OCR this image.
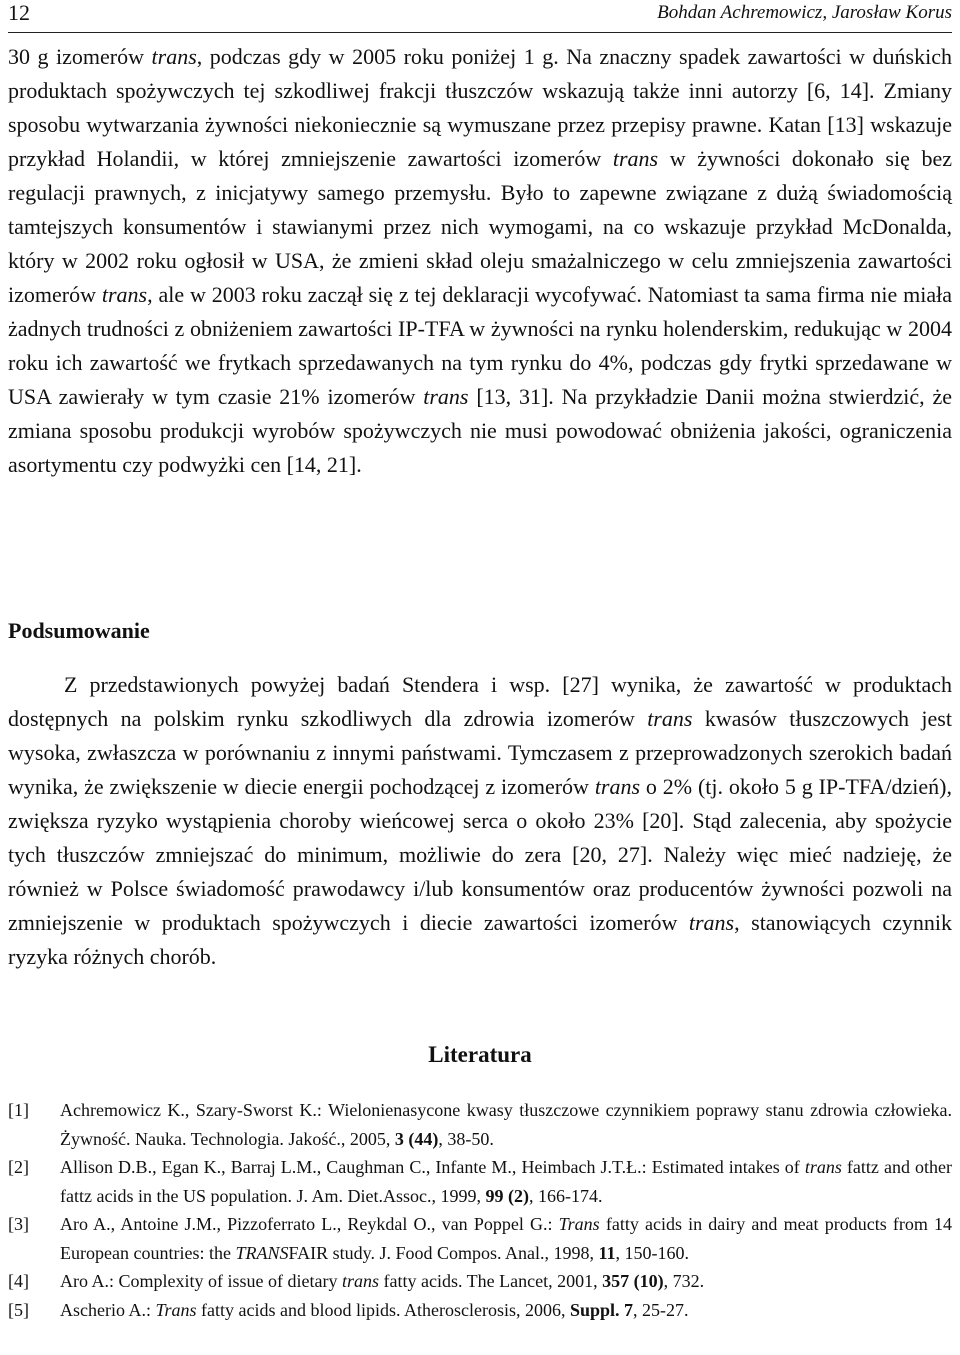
12	Bohdan Achremowicz, Jarosław Korus

30 g izomerów trans, podczas gdy w 2005 roku poniżej 1 g. Na znaczny spadek zawartości w duńskich produktach spożywczych tej szkodliwej frakcji tłuszczów wskazują także inni autorzy [6, 14]. Zmiany sposobu wytwarzania żywności niekoniecznie są wymuszane przez przepisy prawne. Katan [13] wskazuje przykład Holandii, w której zmniejszenie zawartości izomerów trans w żywności dokonało się bez regulacji prawnych, z inicjatywy samego przemysłu. Było to zapewne związane z dużą świadomością tamtejszych konsumentów i stawianymi przez nich wymogami, na co wskazuje przykład McDonalda, który w 2002 roku ogłosił w USA, że zmieni skład oleju smażalniczego w celu zmniejszenia zawartości izomerów trans, ale w 2003 roku zaczął się z tej deklaracji wycofywać. Natomiast ta sama firma nie miała żadnych trudności z obniżeniem zawartości IP-TFA w żywności na rynku holenderskim, redukując w 2004 roku ich zawartość we frytkach sprzedawanych na tym rynku do 4%, podczas gdy frytki sprzedawane w USA zawierały w tym czasie 21% izomerów trans [13, 31]. Na przykładzie Danii można stwierdzić, że zmiana sposobu produkcji wyrobów spożywczych nie musi powodować obniżenia jakości, ograniczenia asortymentu czy podwyżki cen [14, 21].

Podsumowanie

Z przedstawionych powyżej badań Stendera i wsp. [27] wynika, że zawartość w produktach dostępnych na polskim rynku szkodliwych dla zdrowia izomerów trans kwasów tłuszczowych jest wysoka, zwłaszcza w porównaniu z innymi państwami. Tymczasem z przeprowadzonych szerokich badań wynika, że zwiększenie w diecie energii pochodzącej z izomerów trans o 2% (tj. około 5 g IP-TFA/dzień), zwiększa ryzyko wystąpienia choroby wieńcowej serca o około 23% [20]. Stąd zalecenia, aby spożycie tych tłuszczów zmniejszać do minimum, możliwie do zera [20, 27]. Należy więc mieć nadzieję, że również w Polsce świadomość prawodawcy i/lub konsumentów oraz producentów żywności pozwoli na zmniejszenie w produktach spożywczych i diecie zawartości izomerów trans, stanowiących czynnik ryzyka różnych chorób.

Literatura
[1] Achremowicz K., Szary-Sworst K.: Wielonienasycone kwasy tłuszczowe czynnikiem poprawy stanu zdrowia człowieka. Żywność. Nauka. Technologia. Jakość., 2005, 3 (44), 38-50.
[2] Allison D.B., Egan K., Barraj L.M., Caughman C., Infante M., Heimbach J.T.Ł.: Estimated intakes of trans fattz and other fattz acids in the US population. J. Am. Diet.Assoc., 1999, 99 (2), 166-174.
[3] Aro A., Antoine J.M., Pizzoferrato L., Reykdal O., van Poppel G.: Trans fatty acids in dairy and meat products from 14 European countries: the TRANSFAIR study. J. Food Compos. Anal., 1998, 11, 150-160.
[4] Aro A.: Complexity of issue of dietary trans fatty acids. The Lancet, 2001, 357 (10), 732.
[5] Ascherio A.: Trans fatty acids and blood lipids. Atherosclerosis, 2006, Suppl. 7, 25-27.
